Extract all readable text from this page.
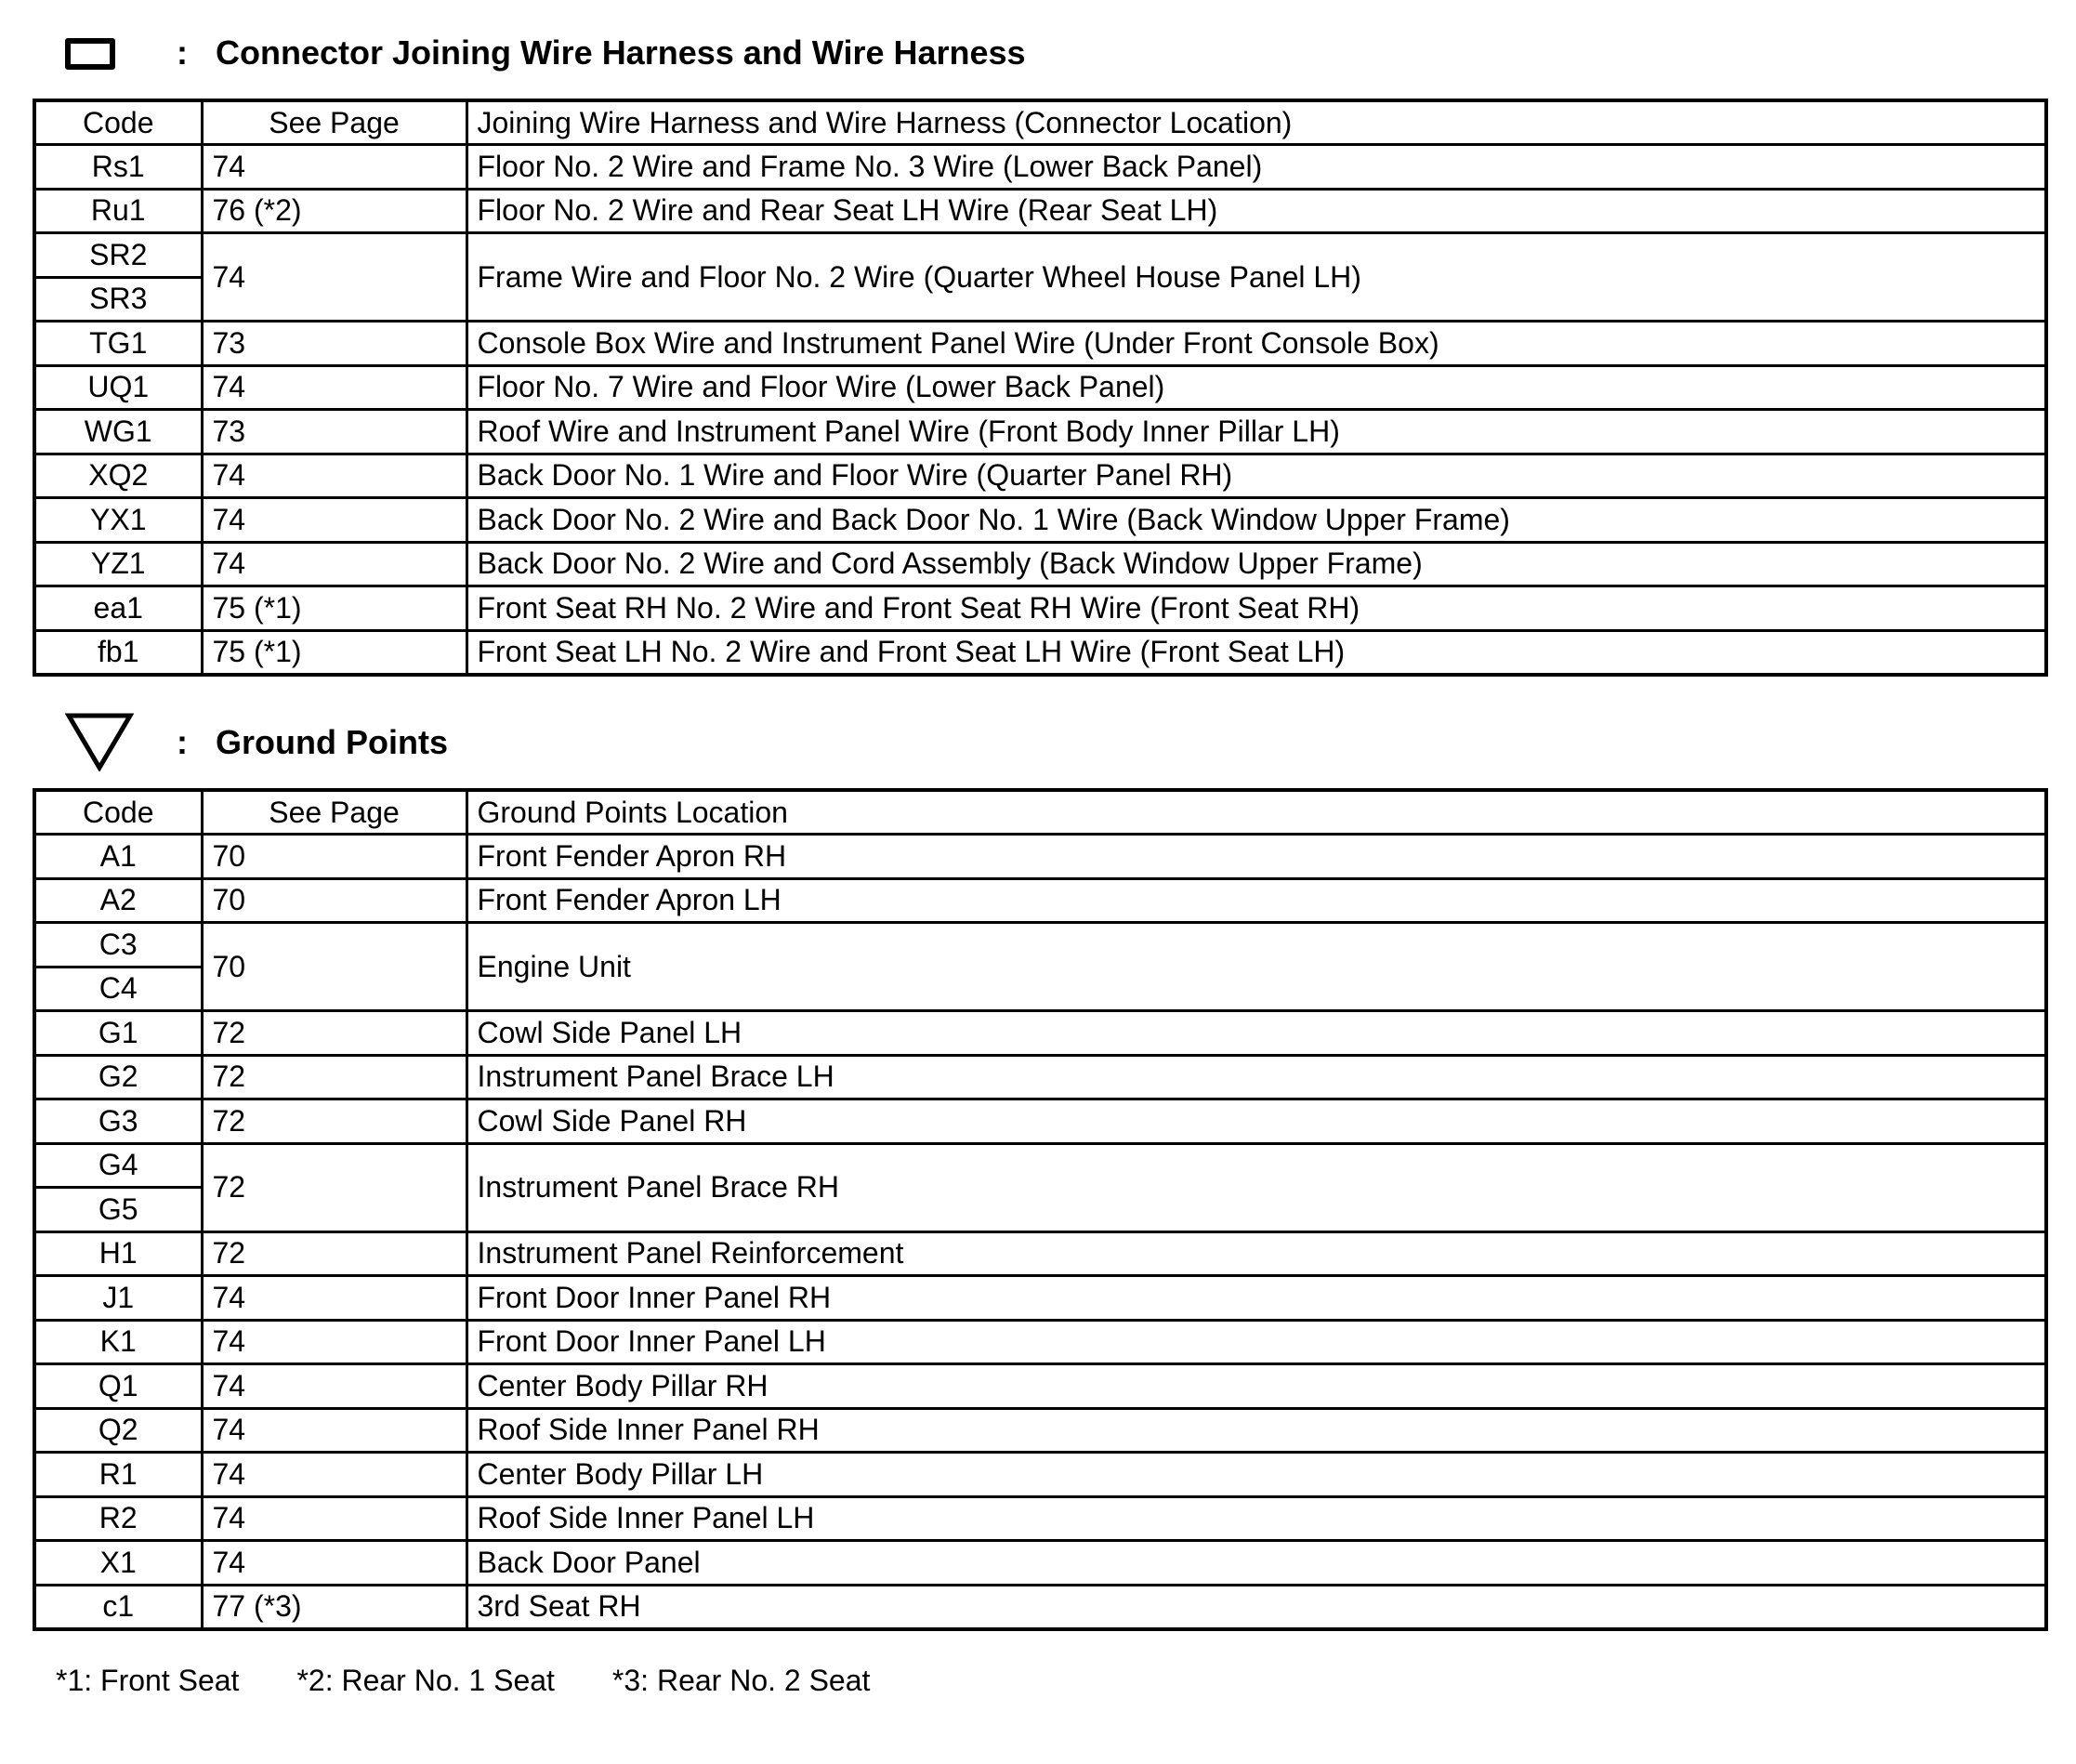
: Connector Joining Wire Harness and Wire Harness
Code	See Page	Joining Wire Harness and Wire Harness (Connector Location)
Rs1	74	Floor No. 2 Wire and Frame No. 3 Wire (Lower Back Panel)
Ru1	76 (*2)	Floor No. 2 Wire and Rear Seat LH Wire (Rear Seat LH)
SR2	74	Frame Wire and Floor No. 2 Wire (Quarter Wheel House Panel LH)
SR3		
TG1	73	Console Box Wire and Instrument Panel Wire (Under Front Console Box)
UQ1	74	Floor No. 7 Wire and Floor Wire (Lower Back Panel)
WG1	73	Roof Wire and Instrument Panel Wire (Front Body Inner Pillar LH)
XQ2	74	Back Door No. 1 Wire and Floor Wire (Quarter Panel RH)
YX1	74	Back Door No. 2 Wire and Back Door No. 1 Wire (Back Window Upper Frame)
YZ1	74	Back Door No. 2 Wire and Cord Assembly (Back Window Upper Frame)
ea1	75 (*1)	Front Seat RH No. 2 Wire and Front Seat RH Wire (Front Seat RH)
fb1	75 (*1)	Front Seat LH No. 2 Wire and Front Seat LH Wire (Front Seat LH)
: Ground Points
Code	See Page	Ground Points Location
A1	70	Front Fender Apron RH
A2	70	Front Fender Apron LH
C3	70	Engine Unit
C4		
G1	72	Cowl Side Panel LH
G2	72	Instrument Panel Brace LH
G3	72	Cowl Side Panel RH
G4	72	Instrument Panel Brace RH
G5		
H1	72	Instrument Panel Reinforcement
J1	74	Front Door Inner Panel RH
K1	74	Front Door Inner Panel LH
Q1	74	Center Body Pillar RH
Q2	74	Roof Side Inner Panel RH
R1	74	Center Body Pillar LH
R2	74	Roof Side Inner Panel LH
X1	74	Back Door Panel
c1	77 (*3)	3rd Seat RH
*1: Front Seat *2: Rear No. 1 Seat *3: Rear No. 2 Seat
